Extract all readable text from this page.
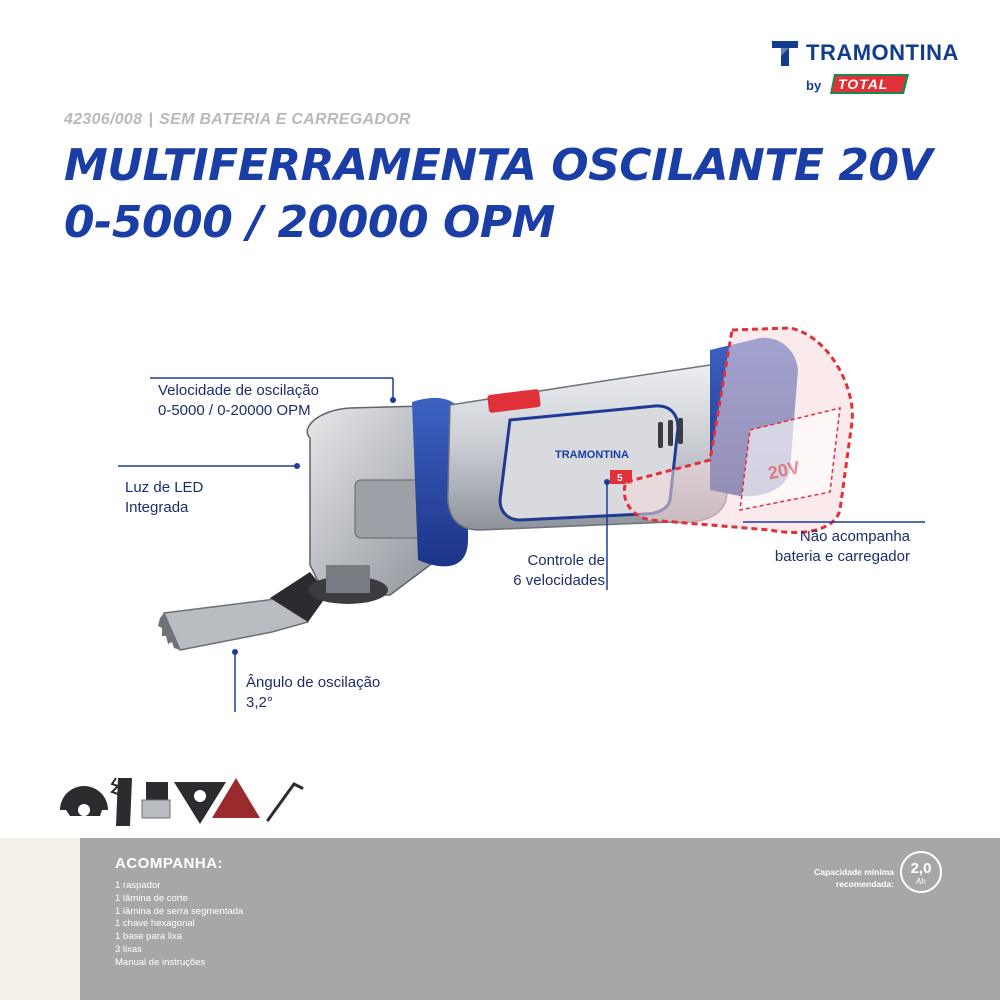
TRAMONTINA
by TOTAL
42306/008 | SEM BATERIA E CARREGADOR
MULTIFERRAMENTA OSCILANTE 20V
0-5000 / 20000 OPM
TRAMONTINA
5	20V
Velocidade de oscilação
0-5000 / 0-20000 OPM
Luz de LED
Integrada
Controle de
6 velocidades
Não acompanha
bateria e carregador
Ângulo de oscilação
3,2°
ACOMPANHA:
1 raspador
1 lâmina de corte
1 lâmina de serra segmentada
1 chave hexagonal
1 base para lixa
3 lixas
Manual de instruções
Capacidade mínima
recomendada:
2,0
Ah
